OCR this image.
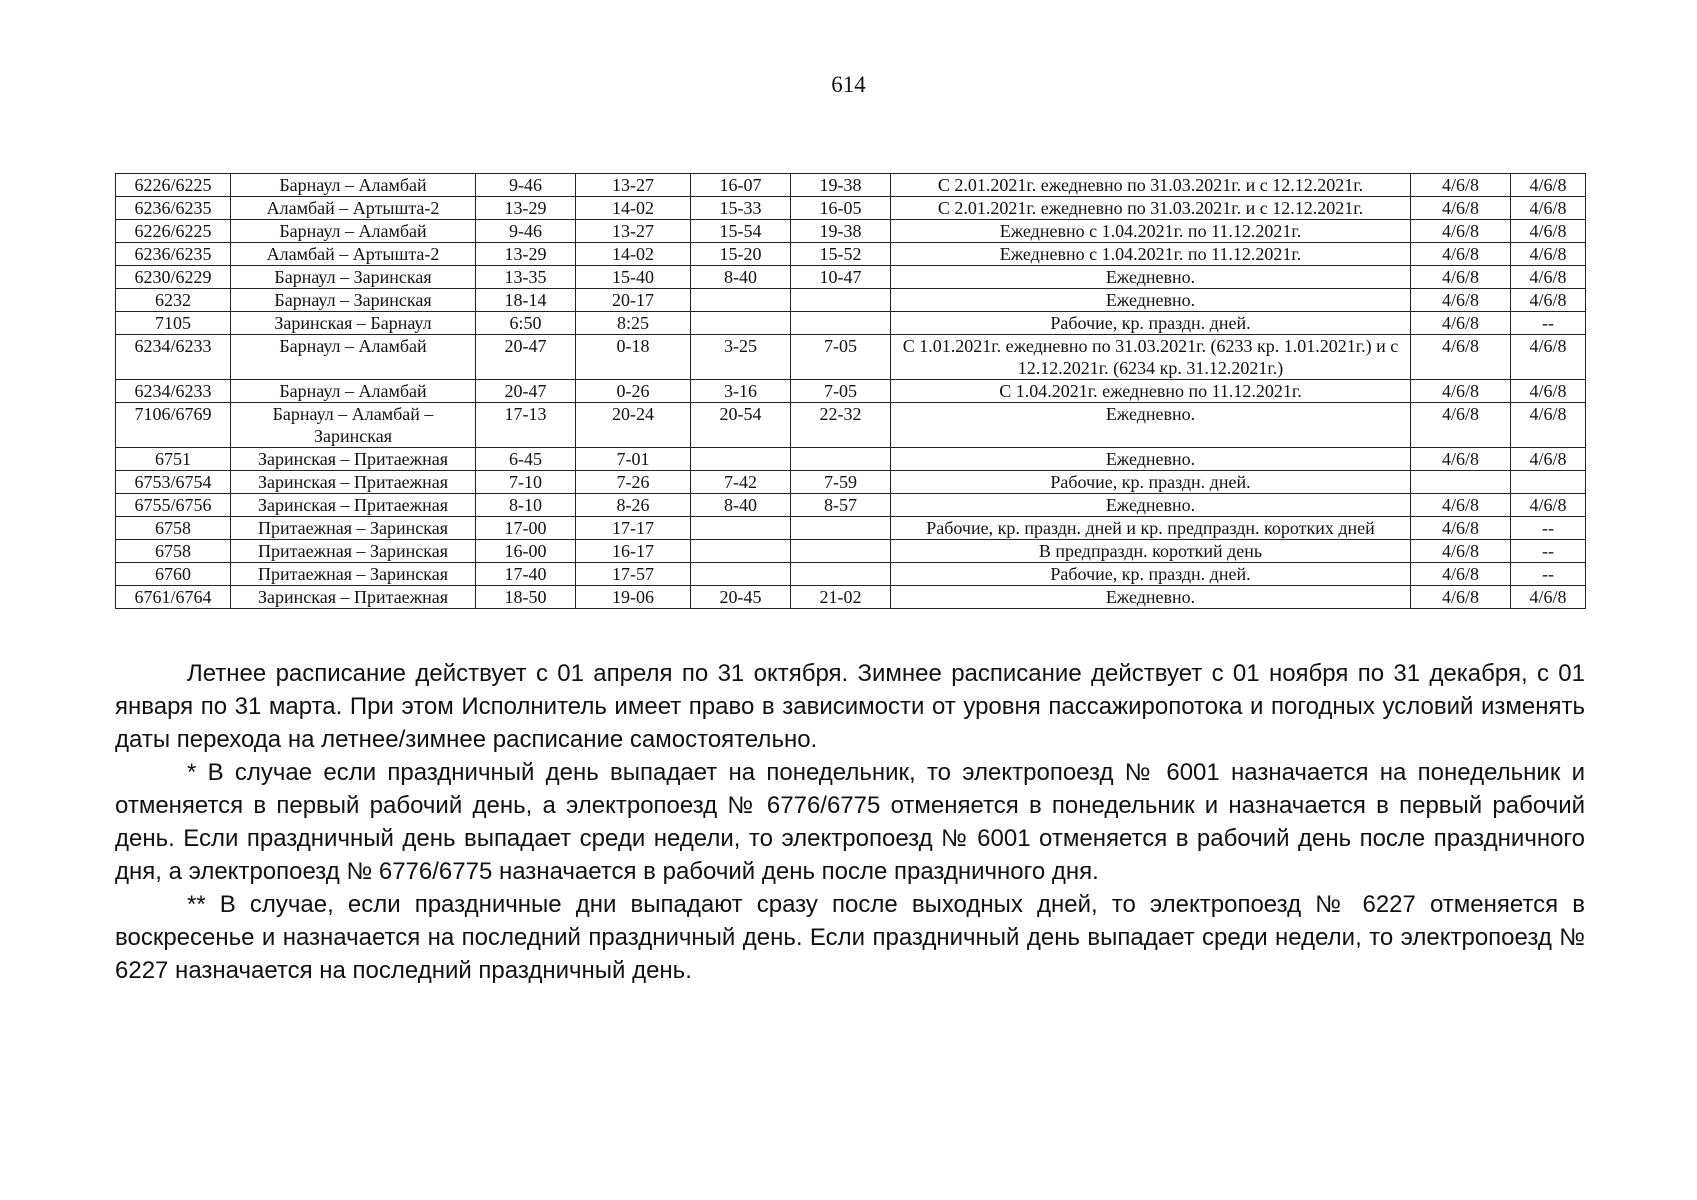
614
6226/6225	Барнаул – Аламбай	9-46	13-27	16-07	19-38	С 2.01.2021г. ежедневно по 31.03.2021г. и с 12.12.2021г.	4/6/8	4/6/8
6236/6235	Аламбай – Артышта-2	13-29	14-02	15-33	16-05	С 2.01.2021г. ежедневно по 31.03.2021г. и с 12.12.2021г.	4/6/8	4/6/8
6226/6225	Барнаул – Аламбай	9-46	13-27	15-54	19-38	Ежедневно с 1.04.2021г. по 11.12.2021г.	4/6/8	4/6/8
6236/6235	Аламбай – Артышта-2	13-29	14-02	15-20	15-52	Ежедневно с 1.04.2021г. по 11.12.2021г.	4/6/8	4/6/8
6230/6229	Барнаул – Заринская	13-35	15-40	8-40	10-47	Ежедневно.	4/6/8	4/6/8
6232	Барнаул – Заринская	18-14	20-17			Ежедневно.	4/6/8	4/6/8
7105	Заринская – Барнаул	6:50	8:25			Рабочие, кр. праздн. дней.	4/6/8	--
6234/6233	Барнаул – Аламбай	20-47	0-18	3-25	7-05	С 1.01.2021г. ежедневно по 31.03.2021г. (6233 кр. 1.01.2021г.) и с 12.12.2021г. (6234 кр. 31.12.2021г.)	4/6/8	4/6/8
6234/6233	Барнаул – Аламбай	20-47	0-26	3-16	7-05	С 1.04.2021г. ежедневно по 11.12.2021г.	4/6/8	4/6/8
7106/6769	Барнаул – Аламбай – Заринская	17-13	20-24	20-54	22-32	Ежедневно.	4/6/8	4/6/8
6751	Заринская – Притаежная	6-45	7-01			Ежедневно.	4/6/8	4/6/8
6753/6754	Заринская – Притаежная	7-10	7-26	7-42	7-59	Рабочие, кр. праздн. дней.		
6755/6756	Заринская – Притаежная	8-10	8-26	8-40	8-57	Ежедневно.	4/6/8	4/6/8
6758	Притаежная – Заринская	17-00	17-17			Рабочие, кр. праздн. дней и кр. предпраздн. коротких дней	4/6/8	--
6758	Притаежная – Заринская	16-00	16-17			В предпраздн. короткий день	4/6/8	--
6760	Притаежная – Заринская	17-40	17-57			Рабочие, кр. праздн. дней.	4/6/8	--
6761/6764	Заринская – Притаежная	18-50	19-06	20-45	21-02	Ежедневно.	4/6/8	4/6/8

Летнее расписание действует с 01 апреля по 31 октября. Зимнее расписание действует с 01 ноября по 31 декабря, с 01 января по 31 марта. При этом Исполнитель имеет право в зависимости от уровня пассажиропотока и погодных условий изменять даты перехода на летнее/зимнее расписание самостоятельно.

* В случае если праздничный день выпадает на понедельник, то электропоезд № 6001 назначается на понедельник и отменяется в первый рабочий день, а электропоезд № 6776/6775 отменяется в понедельник и назначается в первый рабочий день. Если праздничный день выпадает среди недели, то электропоезд № 6001 отменяется в рабочий день после праздничного дня, а электропоезд № 6776/6775 назначается в рабочий день после праздничного дня.

** В случае, если праздничные дни выпадают сразу после выходных дней, то электропоезд № 6227 отменяется в воскресенье и назначается на последний праздничный день. Если праздничный день выпадает среди недели, то электропоезд № 6227 назначается на последний праздничный день.
